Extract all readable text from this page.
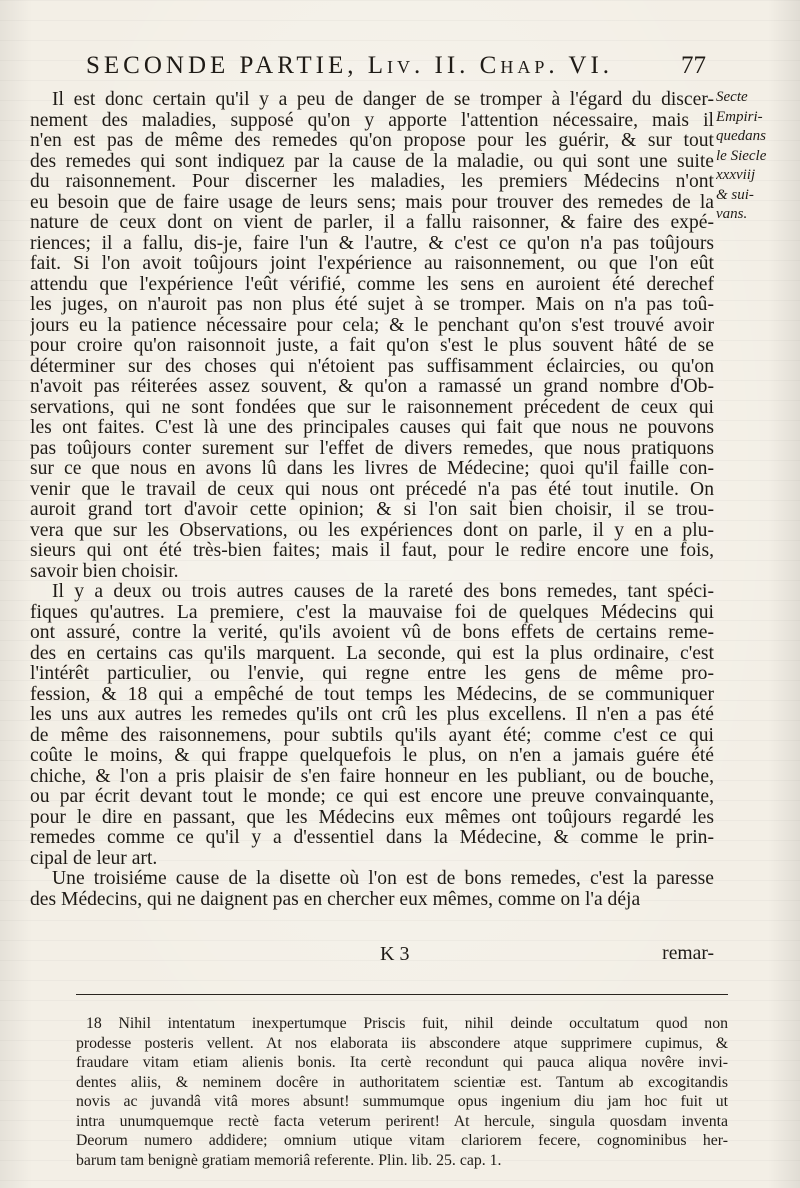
SECONDE PARTIE, Liv. II. Chap. VI.	77
Secte
Empiri-
quedans
le Siecle
xxxviij
& sui-
vans.

Il est donc certain qu'il y a peu de danger de se tromper à l'égard du discer-
nement des maladies, supposé qu'on y apporte l'attention nécessaire, mais il
n'en est pas de même des remedes qu'on propose pour les guérir, & sur tout
des remedes qui sont indiquez par la cause de la maladie, ou qui sont une suite
du raisonnement. Pour discerner les maladies, les premiers Médecins n'ont
eu besoin que de faire usage de leurs sens; mais pour trouver des remedes de la
nature de ceux dont on vient de parler, il a fallu raisonner, & faire des expé-
riences; il a fallu, dis-je, faire l'un & l'autre, & c'est ce qu'on n'a pas toûjours
fait. Si l'on avoit toûjours joint l'expérience au raisonnement, ou que l'on eût
attendu que l'expérience l'eût vérifié, comme les sens en auroient été derechef
les juges, on n'auroit pas non plus été sujet à se tromper. Mais on n'a pas toû-
jours eu la patience nécessaire pour cela; & le penchant qu'on s'est trouvé avoir
pour croire qu'on raisonnoit juste, a fait qu'on s'est le plus souvent hâté de se
déterminer sur des choses qui n'étoient pas suffisamment éclaircies, ou qu'on
n'avoit pas réiterées assez souvent, & qu'on a ramassé un grand nombre d'Ob-
servations, qui ne sont fondées que sur le raisonnement précedent de ceux qui
les ont faites. C'est là une des principales causes qui fait que nous ne pouvons
pas toûjours conter surement sur l'effet de divers remedes, que nous pratiquons
sur ce que nous en avons lû dans les livres de Médecine; quoi qu'il faille con-
venir que le travail de ceux qui nous ont précedé n'a pas été tout inutile. On
auroit grand tort d'avoir cette opinion; & si l'on sait bien choisir, il se trou-
vera que sur les Observations, ou les expériences dont on parle, il y en a plu-
sieurs qui ont été très-bien faites; mais il faut, pour le redire encore une fois,
savoir bien choisir.

Il y a deux ou trois autres causes de la rareté des bons remedes, tant spéci-
fiques qu'autres. La premiere, c'est la mauvaise foi de quelques Médecins qui
ont assuré, contre la verité, qu'ils avoient vû de bons effets de certains reme-
des en certains cas qu'ils marquent. La seconde, qui est la plus ordinaire, c'est
l'intérêt particulier, ou l'envie, qui regne entre les gens de même pro-
fession, & 18 qui a empêché de tout temps les Médecins, de se communiquer
les uns aux autres les remedes qu'ils ont crû les plus excellens. Il n'en a pas été
de même des raisonnemens, pour subtils qu'ils ayant été; comme c'est ce qui
coûte le moins, & qui frappe quelquefois le plus, on n'en a jamais guére été
chiche, & l'on a pris plaisir de s'en faire honneur en les publiant, ou de bouche,
ou par écrit devant tout le monde; ce qui est encore une preuve convainquante,
pour le dire en passant, que les Médecins eux mêmes ont toûjours regardé les
remedes comme ce qu'il y a d'essentiel dans la Médecine, & comme le prin-
cipal de leur art.

Une troisiéme cause de la disette où l'on est de bons remedes, c'est la paresse
des Médecins, qui ne daignent pas en chercher eux mêmes, comme on l'a déja

K 3	remar-
18 Nihil intentatum inexpertumque Priscis fuit, nihil deinde occultatum quod non
prodesse posteris vellent. At nos elaborata iis abscondere atque supprimere cupimus, &
fraudare vitam etiam alienis bonis. Ita certè recondunt qui pauca aliqua novêre invi-
dentes aliis, & neminem docêre in authoritatem scientiæ est. Tantum ab excogitandis
novis ac juvandâ vitâ mores absunt! summumque opus ingenium diu jam hoc fuit ut
intra unumquemque rectè facta veterum perirent! At hercule, singula quosdam inventa
Deorum numero addidere; omnium utique vitam clariorem fecere, cognominibus her-
barum tam benignè gratiam memoriâ referente. Plin. lib. 25. cap. 1.
